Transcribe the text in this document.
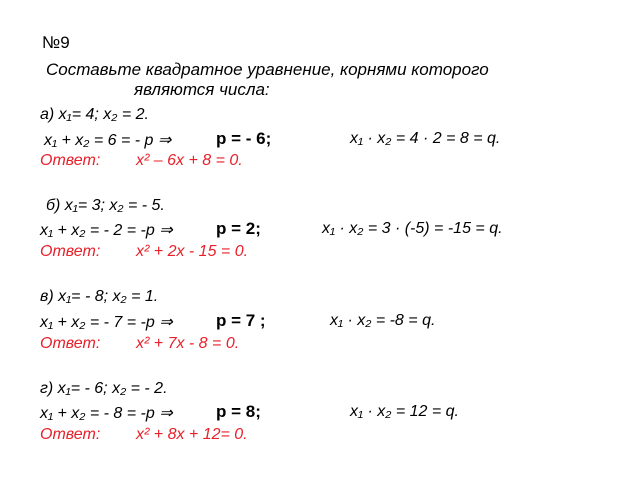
№9
Составьте квадратное уравнение, корнями которого
являются числа:
а) x₁= 4; x₂ = 2.
x₁ + x₂ = 6 = - p ⇒	p = - 6;	x₁ · x₂ = 4 · 2 = 8 = q.
Ответ: x² – 6x + 8 = 0.
б) x₁= 3; x₂ = - 5.
x₁ + x₂ = - 2 = -p ⇒	p = 2;	x₁ · x₂ = 3 · (-5) = -15 = q.
Ответ: x² + 2x - 15 = 0.
в) x₁= - 8; x₂ = 1.
x₁ + x₂ = - 7 = -p ⇒	p = 7 ;	x₁ · x₂ = -8 = q.
Ответ: x² + 7x - 8 = 0.
г) x₁= - 6; x₂ = - 2.
x₁ + x₂ = - 8 = -p ⇒	p = 8;	x₁ · x₂ = 12 = q.
Ответ: x² + 8x + 12= 0.
